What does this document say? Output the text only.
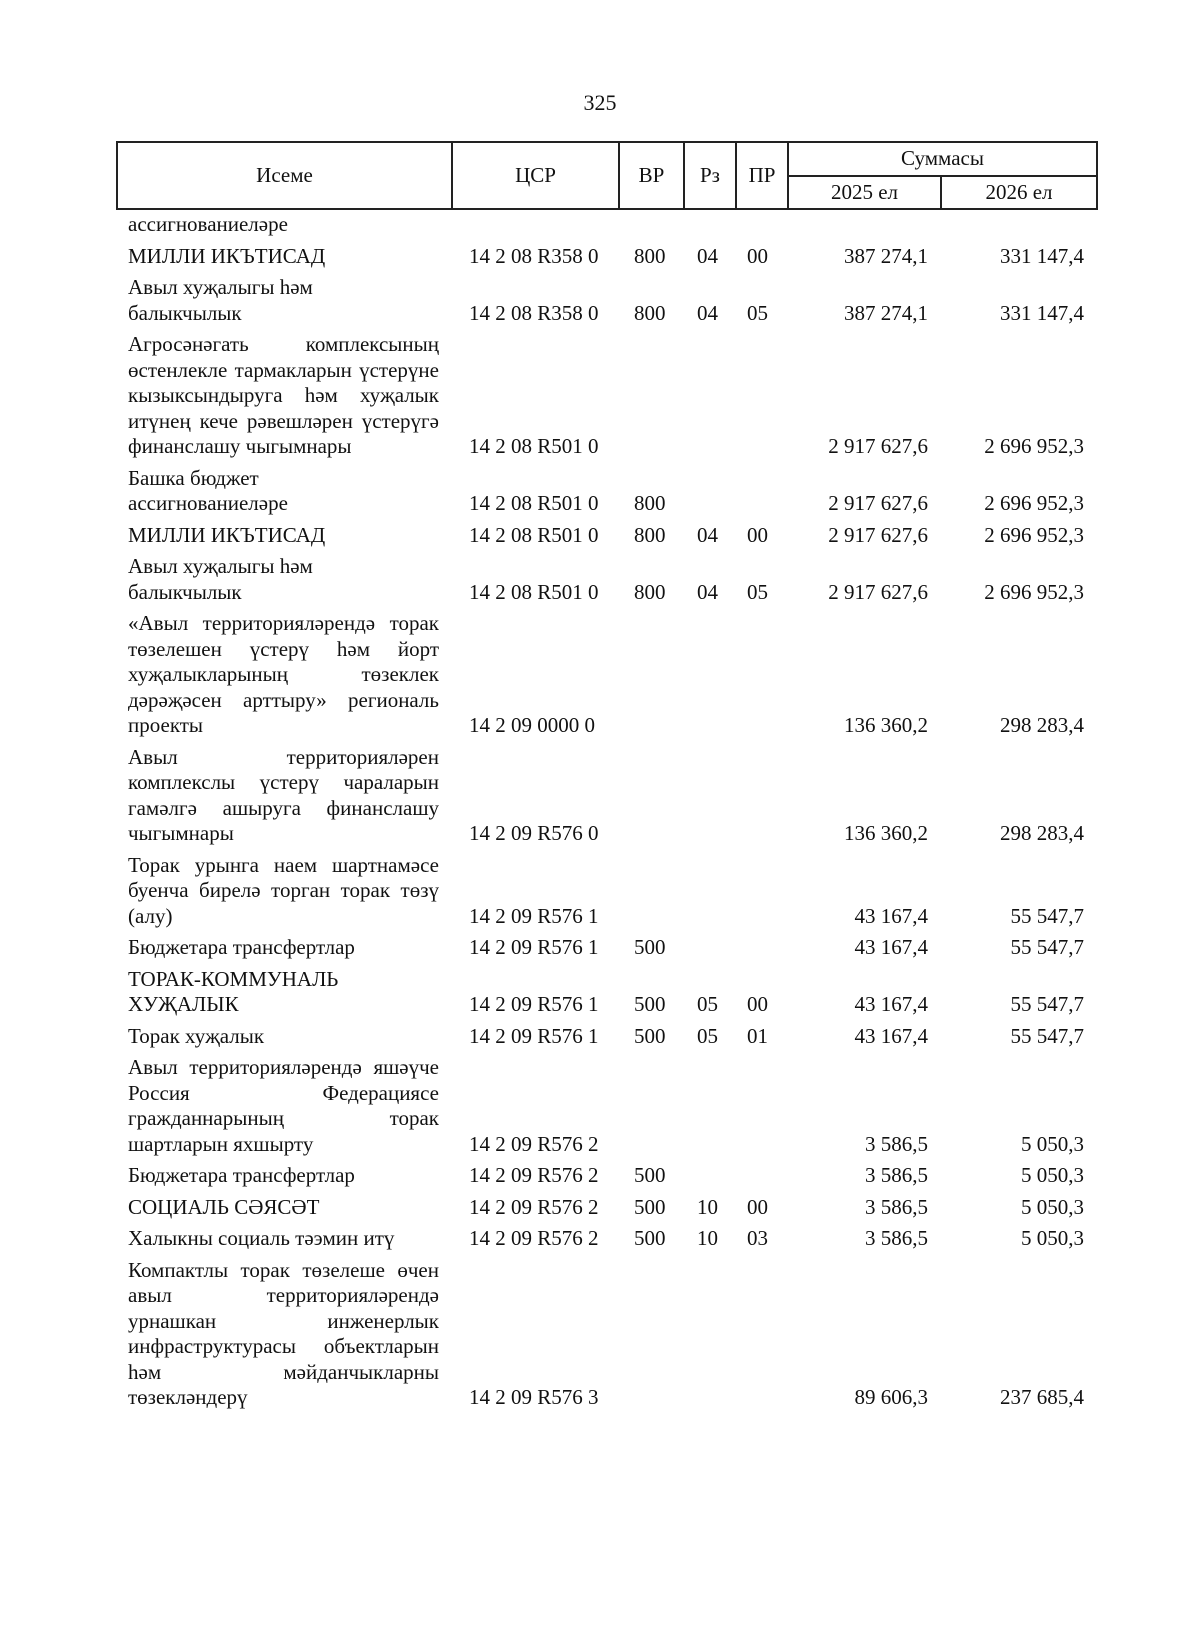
325
Исеме	ЦСР	ВР	Рз	ПР	Суммасы	
					2025 ел	2026 ел
ассигнованиеләре						
МИЛЛИ ИКЪТИСАД	14 2 08 R358 0	800	04	00	387 274,1	331 147,4
Авыл хуҗалыгы һәм
балыкчылык	14 2 08 R358 0	800	04	05	387 274,1	331 147,4
Агросәнәгать комплексының өстенлекле тармакларын үстерүне кызыксындыруга һәм хуҗалык итүнең кече рәвешләрен үстерүгә финанслашу чыгымнары	14 2 08 R501 0				2 917 627,6	2 696 952,3
Башка бюджет
ассигнованиеләре	14 2 08 R501 0	800			2 917 627,6	2 696 952,3
МИЛЛИ ИКЪТИСАД	14 2 08 R501 0	800	04	00	2 917 627,6	2 696 952,3
Авыл хуҗалыгы һәм
балыкчылык	14 2 08 R501 0	800	04	05	2 917 627,6	2 696 952,3
«Авыл территорияләрендә торак төзелешен үстерү һәм йорт хуҗалыкларының төзеклек дәрәҗәсен арттыру» региональ проекты	14 2 09 0000 0				136 360,2	298 283,4
Авыл территорияләрен комплекслы үстерү чараларын гамәлгә ашыруга финанслашу чыгымнары	14 2 09 R576 0				136 360,2	298 283,4
Торак урынга наем шартнамәсе буенча бирелә торган торак төзү (алу)	14 2 09 R576 1				43 167,4	55 547,7
Бюджетара трансфертлар	14 2 09 R576 1	500			43 167,4	55 547,7
ТОРАК-КОММУНАЛЬ
ХУҖАЛЫК	14 2 09 R576 1	500	05	00	43 167,4	55 547,7
Торак хуҗалык	14 2 09 R576 1	500	05	01	43 167,4	55 547,7
Авыл территорияләрендә яшәүче Россия Федерациясе гражданнарының торак шартларын яхшырту	14 2 09 R576 2				3 586,5	5 050,3
Бюджетара трансфертлар	14 2 09 R576 2	500			3 586,5	5 050,3
СОЦИАЛЬ СӘЯСӘТ	14 2 09 R576 2	500	10	00	3 586,5	5 050,3
Халыкны социаль тәэмин итү	14 2 09 R576 2	500	10	03	3 586,5	5 050,3
Компактлы торак төзелеше өчен авыл территорияләрендә урнашкан инженерлык инфраструктурасы объектларын һәм мәйданчыкларны төзекләндерү	14 2 09 R576 3				89 606,3	237 685,4
